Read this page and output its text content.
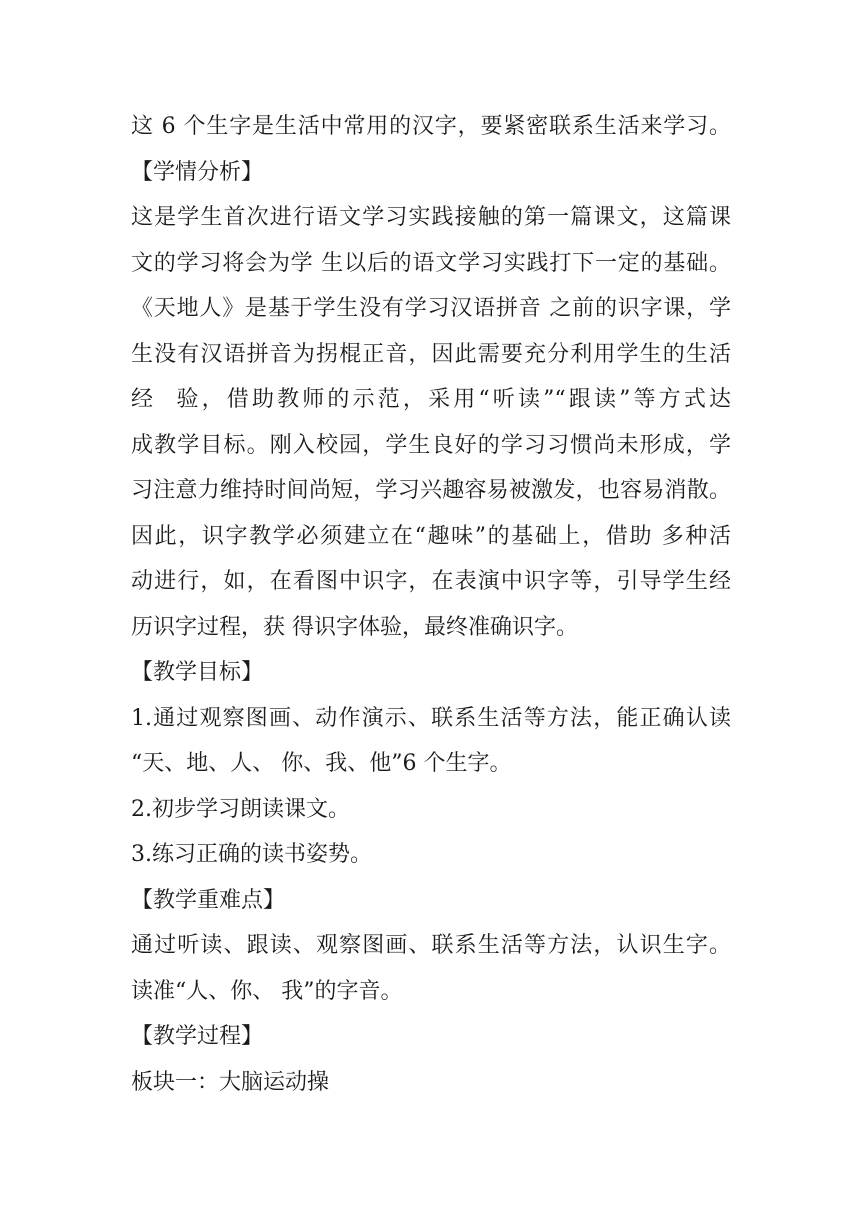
这 6 个生字是生活中常用的汉字，要紧密联系生活来学习。
【学情分析】
这是学生首次进行语文学习实践接触的第一篇课文，这篇课
文的学习将会为学 生以后的语文学习实践打下一定的基础。
《天地人》是基于学生没有学习汉语拼音 之前的识字课，学
生没有汉语拼音为拐棍正音，因此需要充分利用学生的生活
经  验，借助教师的示范，采用“听读”“跟读”等方式达
成教学目标。刚入校园，学生良好的学习习惯尚未形成，学
习注意力维持时间尚短，学习兴趣容易被激发，也容易消散。
因此，识字教学必须建立在“趣味”的基础上，借助 多种活
动进行，如，在看图中识字，在表演中识字等，引导学生经
历识字过程，获 得识字体验，最终准确识字。
【教学目标】
1.通过观察图画、动作演示、联系生活等方法，能正确认读
“天、地、人、 你、我、他”6 个生字。
2.初步学习朗读课文。
3.练习正确的读书姿势。
【教学重难点】
通过听读、跟读、观察图画、联系生活等方法，认识生字。
读准“人、你、 我”的字音。
【教学过程】
板块一：大脑运动操
